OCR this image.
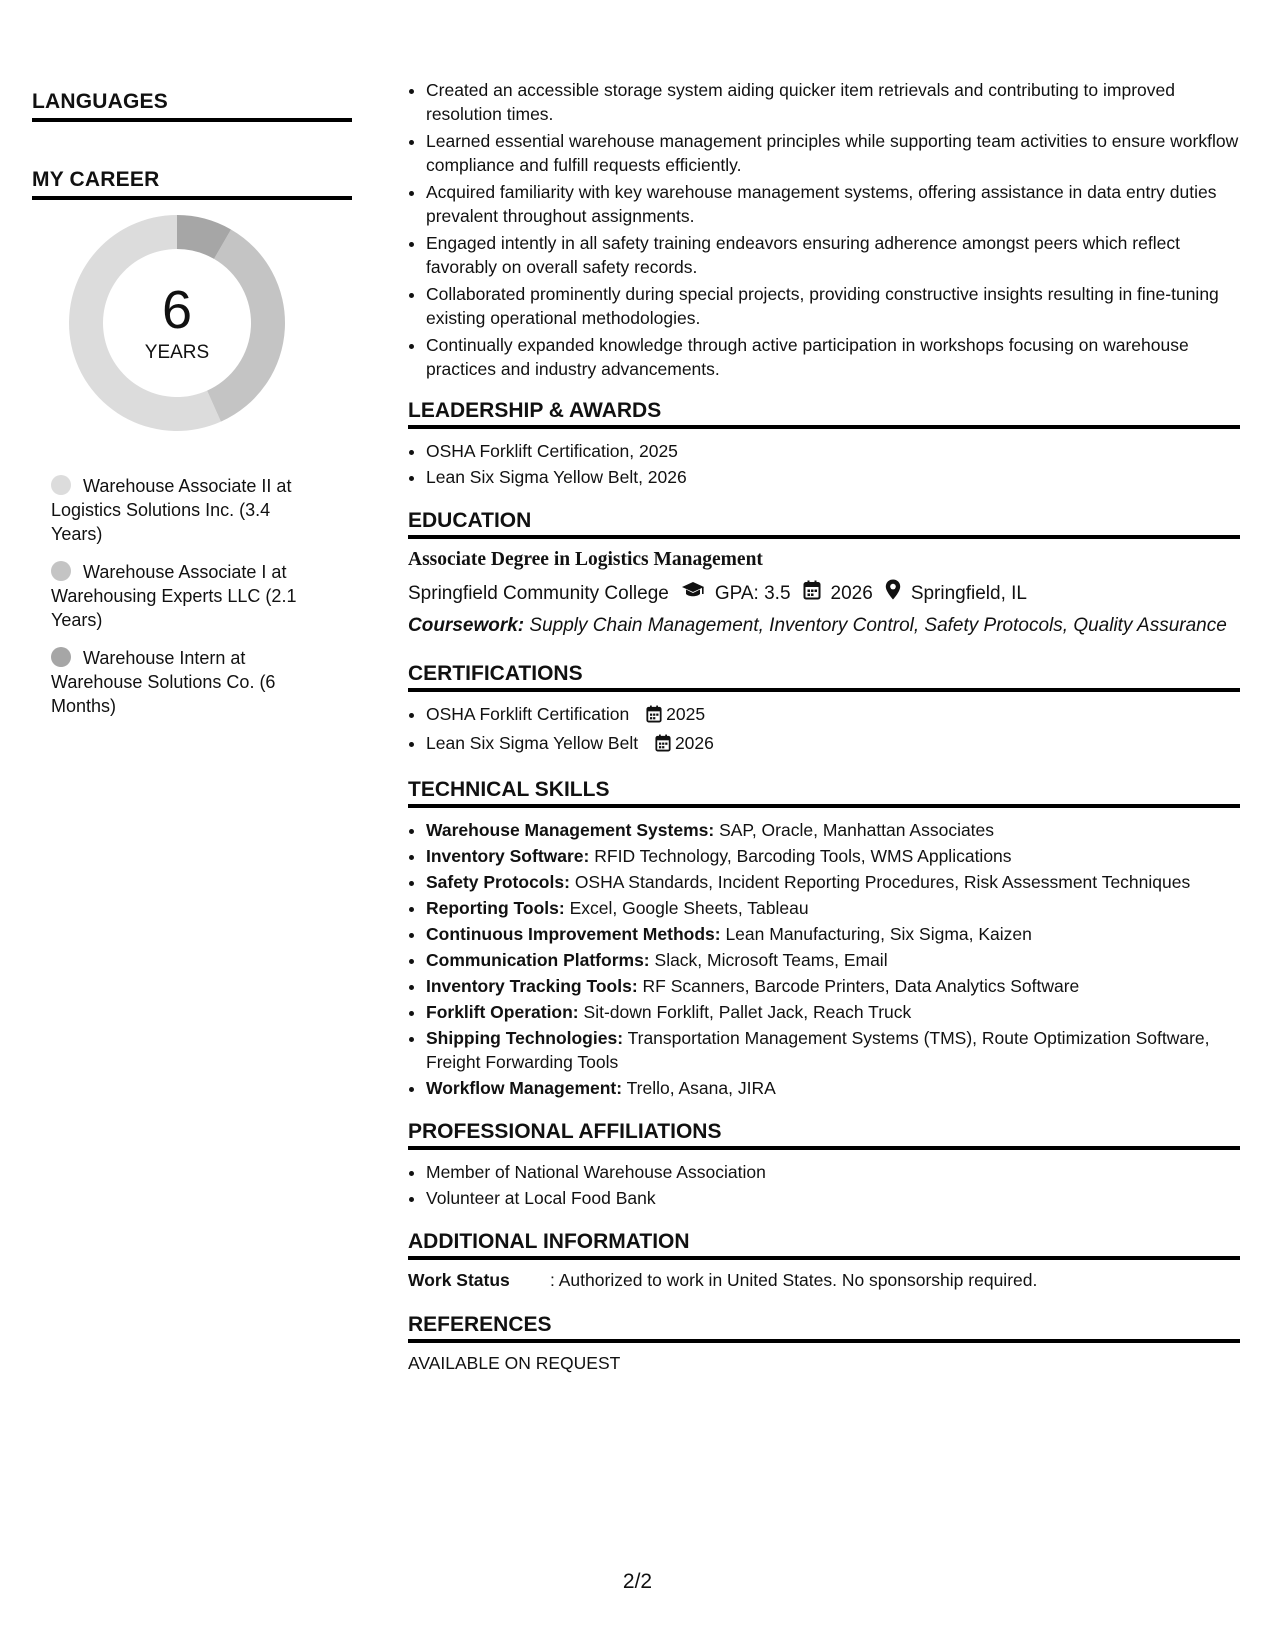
LANGUAGES
MY CAREER
6
YEARS
Warehouse Associate II at Logistics Solutions Inc. (3.4 Years)
Warehouse Associate I at Warehousing Experts LLC (2.1 Years)
Warehouse Intern at Warehouse Solutions Co. (6 Months)
• Created an accessible storage system aiding quicker item retrievals and contributing to improved resolution times.
• Learned essential warehouse management principles while supporting team activities to ensure workflow compliance and fulfill requests efficiently.
• Acquired familiarity with key warehouse management systems, offering assistance in data entry duties prevalent throughout assignments.
• Engaged intently in all safety training endeavors ensuring adherence amongst peers which reflect favorably on overall safety records.
• Collaborated prominently during special projects, providing constructive insights resulting in fine-tuning existing operational methodologies.
• Continually expanded knowledge through active participation in workshops focusing on warehouse practices and industry advancements.
LEADERSHIP & AWARDS
• OSHA Forklift Certification, 2025
• Lean Six Sigma Yellow Belt, 2026
EDUCATION
Associate Degree in Logistics Management
Springfield Community College GPA: 3.5 2026 Springfield, IL
Coursework: Supply Chain Management, Inventory Control, Safety Protocols, Quality Assurance
CERTIFICATIONS
• OSHA Forklift Certification 2025
• Lean Six Sigma Yellow Belt 2026
TECHNICAL SKILLS
• Warehouse Management Systems: SAP, Oracle, Manhattan Associates
• Inventory Software: RFID Technology, Barcoding Tools, WMS Applications
• Safety Protocols: OSHA Standards, Incident Reporting Procedures, Risk Assessment Techniques
• Reporting Tools: Excel, Google Sheets, Tableau
• Continuous Improvement Methods: Lean Manufacturing, Six Sigma, Kaizen
• Communication Platforms: Slack, Microsoft Teams, Email
• Inventory Tracking Tools: RF Scanners, Barcode Printers, Data Analytics Software
• Forklift Operation: Sit-down Forklift, Pallet Jack, Reach Truck
• Shipping Technologies: Transportation Management Systems (TMS), Route Optimization Software, Freight Forwarding Tools
• Workflow Management: Trello, Asana, JIRA
PROFESSIONAL AFFILIATIONS
• Member of National Warehouse Association
• Volunteer at Local Food Bank
ADDITIONAL INFORMATION
Work Status	: Authorized to work in United States. No sponsorship required.
REFERENCES
AVAILABLE ON REQUEST
2/2
